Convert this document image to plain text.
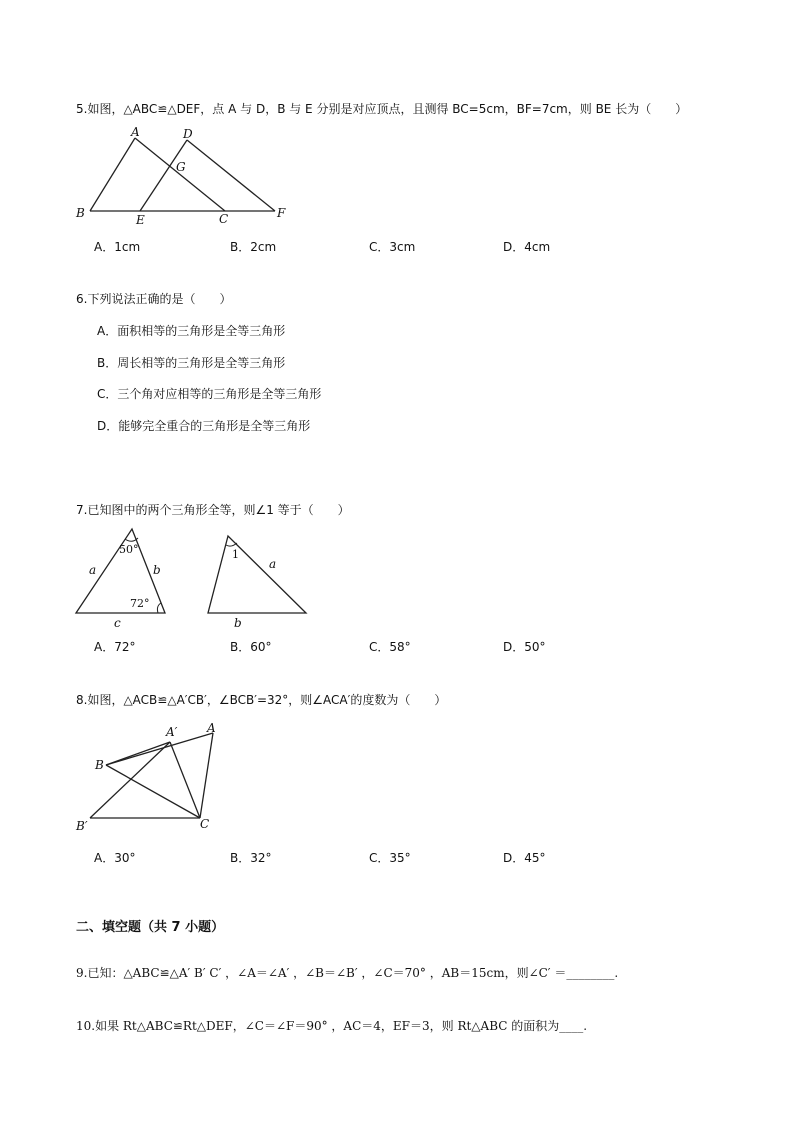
5.如图，△ABC≌△DEF，点 A 与 D，B 与 E 分别是对应顶点，且测得 BC=5cm，BF=7cm，则 BE 长为（　　）
A	D
G
B	E	C	F
A．1cm	B．2cm	C．3cm	D．4cm
6.下列说法正确的是（　　）
A．面积相等的三角形是全等三角形
B．周长相等的三角形是全等三角形
C．三个角对应相等的三角形是全等三角形
D．能够完全重合的三角形是全等三角形
7.已知图中的两个三角形全等，则∠1 等于（　　）
50°
72°
a	b
c
1
a
b
A．72°	B．60°	C．58°	D．50°
8.如图，△ACB≌△A′CB′，∠BCB′=32°，则∠ACA′的度数为（　　）
A′ A
B
B′	C
A．30°	B．32°	C．35°	D．45°
二、填空题（共 7 小题）
9.已知：△ABC≌△A′ B′ C′ ，∠A＝∠A′ ，∠B＝∠B′ ，∠C＝70° ，AB＝15cm，则∠C′ ＝________.
10.如果 Rt△ABC≌Rt△DEF，∠C＝∠F＝90° ，AC＝4，EF＝3，则 Rt△ABC 的面积为____.
